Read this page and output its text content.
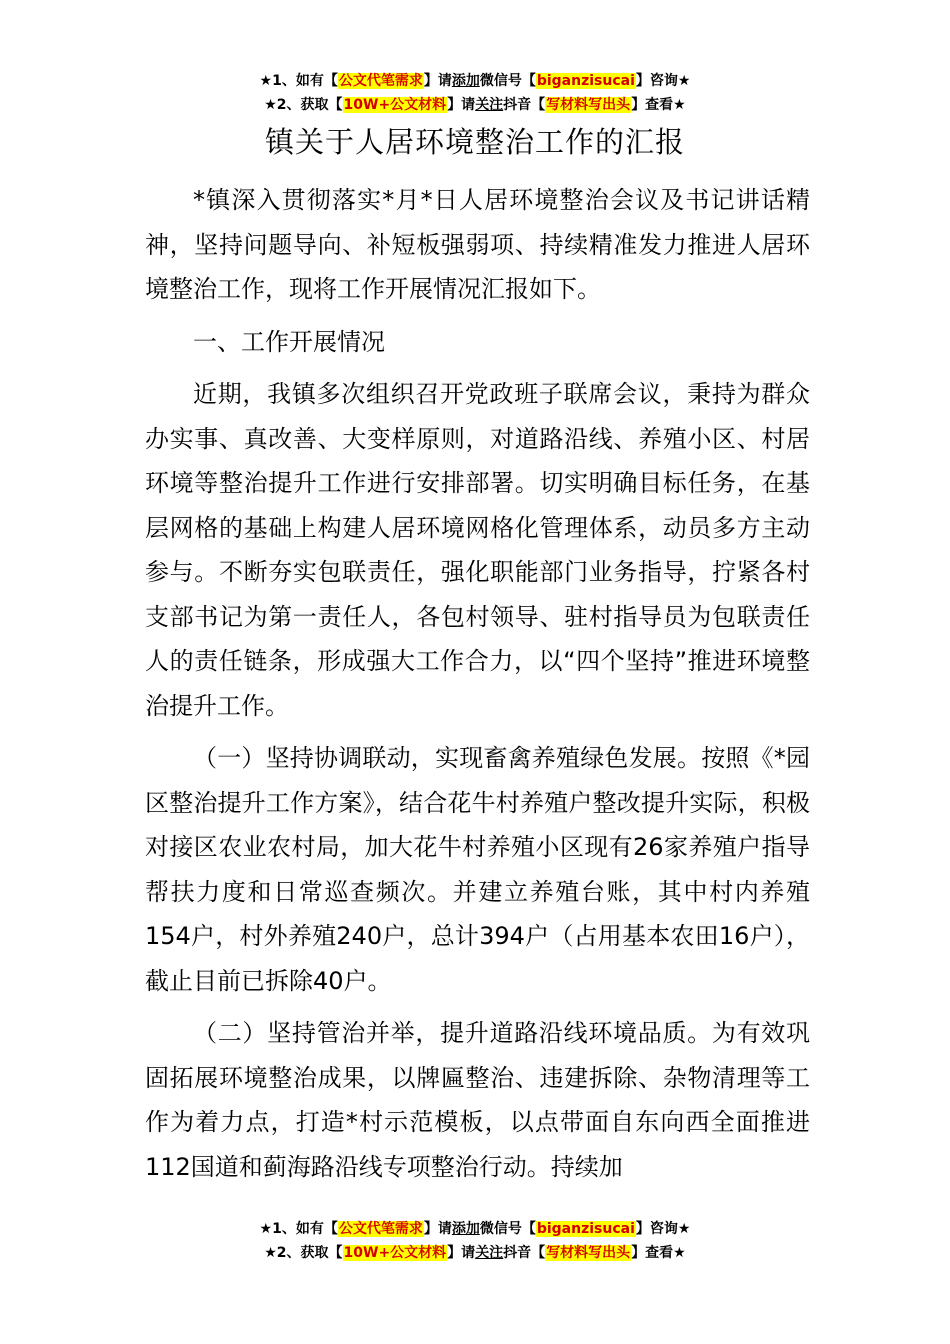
★1、如有【公文代笔需求】请添加微信号【biganzisucai】咨询★
★2、获取【10W+公文材料】请关注抖音【写材料写出头】查看★
镇关于人居环境整治工作的汇报

*镇深入贯彻落实*月*日人居环境整治会议及书记讲话精神，坚持问题导向、补短板强弱项、持续精准发力推进人居环境整治工作，现将工作开展情况汇报如下。

一、工作开展情况

近期，我镇多次组织召开党政班子联席会议，秉持为群众办实事、真改善、大变样原则，对道路沿线、养殖小区、村居环境等整治提升工作进行安排部署。切实明确目标任务，在基层网格的基础上构建人居环境网格化管理体系，动员多方主动参与。不断夯实包联责任，强化职能部门业务指导，拧紧各村支部书记为第一责任人，各包村领导、驻村指导员为包联责任人的责任链条，形成强大工作合力，以“四个坚持”推进环境整治提升工作。

（一）坚持协调联动，实现畜禽养殖绿色发展。按照《*园区整治提升工作方案》，结合花牛村养殖户整改提升实际，积极对接区农业农村局，加大花牛村养殖小区现有26家养殖户指导帮扶力度和日常巡查频次。并建立养殖台账，其中村内养殖154户，村外养殖240户，总计394户（占用基本农田16户），截止目前已拆除40户。

（二）坚持管治并举，提升道路沿线环境品质。为有效巩固拓展环境整治成果，以牌匾整治、违建拆除、杂物清理等工作为着力点，打造*村示范模板，以点带面自东向西全面推进112国道和蓟海路沿线专项整治行动。持续加

★1、如有【公文代笔需求】请添加微信号【biganzisucai】咨询★
★2、获取【10W+公文材料】请关注抖音【写材料写出头】查看★
